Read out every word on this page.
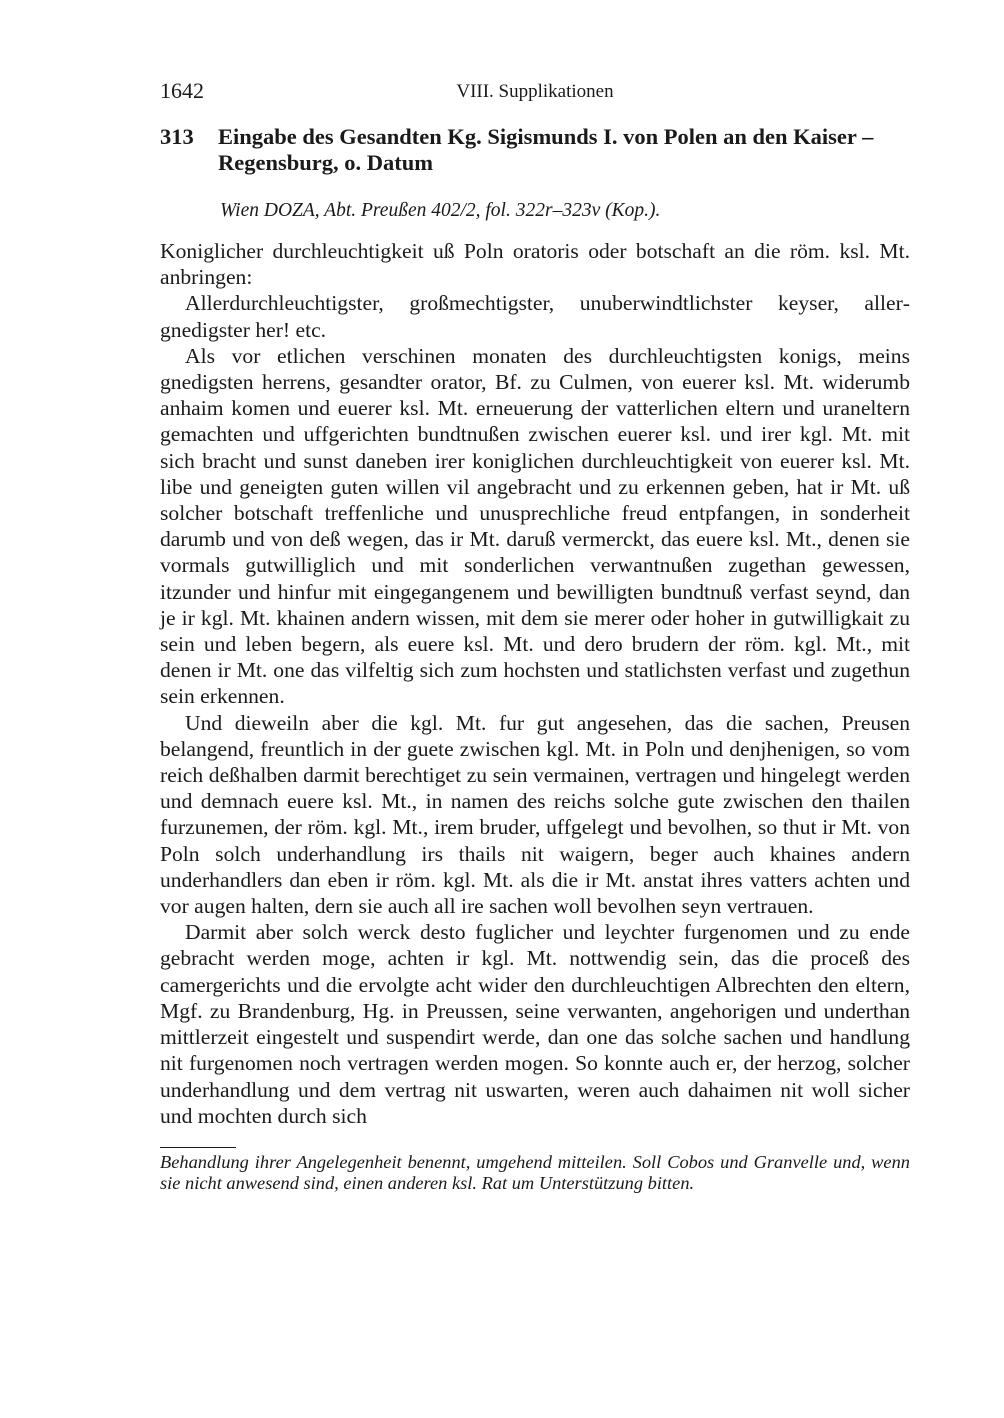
1642	VIII. Supplikationen
313	Eingabe des Gesandten Kg. Sigismunds I. von Polen an den Kaiser – Regensburg, o. Datum
Wien DOZA, Abt. Preußen 402/2, fol. 322r–323v (Kop.).

Koniglicher durchleuchtigkeit uß Poln oratoris oder botschaft an die röm. ksl. Mt. anbringen:

Allerdurchleuchtigster, großmechtigster, unuberwindtlichster keyser, allergnedigster her! etc.

Als vor etlichen verschinen monaten des durchleuchtigsten konigs, meins gnedigsten herrens, gesandter orator, Bf. zu Culmen, von euerer ksl. Mt. widerumb anhaim komen und euerer ksl. Mt. erneuerung der vatterlichen eltern und uraneltern gemachten und uffgerichten bundtnußen zwischen euerer ksl. und irer kgl. Mt. mit sich bracht und sunst daneben irer koniglichen durchleuchtigkeit von euerer ksl. Mt. libe und geneigten guten willen vil angebracht und zu erkennen geben, hat ir Mt. uß solcher botschaft treffenliche und unusprechliche freud entpfangen, in sonderheit darumb und von deß wegen, das ir Mt. daruß vermerckt, das euere ksl. Mt., denen sie vormals gutwilliglich und mit sonderlichen verwantnußen zugethan gewessen, itzunder und hinfur mit eingegangenem und bewilligten bundtnuß verfast seynd, dan je ir kgl. Mt. khainen andern wissen, mit dem sie merer oder hoher in gutwilligkait zu sein und leben begern, als euere ksl. Mt. und dero brudern der röm. kgl. Mt., mit denen ir Mt. one das vilfeltig sich zum hochsten und statlichsten verfast und zugethun sein erkennen.

Und dieweiln aber die kgl. Mt. fur gut angesehen, das die sachen, Preusen belangend, freuntlich in der guete zwischen kgl. Mt. in Poln und denjhenigen, so vom reich deßhalben darmit berechtiget zu sein vermainen, vertragen und hingelegt werden und demnach euere ksl. Mt., in namen des reichs solche gute zwischen den thailen furzunemen, der röm. kgl. Mt., irem bruder, uffgelegt und bevolhen, so thut ir Mt. von Poln solch underhandlung irs thails nit waigern, beger auch khaines andern underhandlers dan eben ir röm. kgl. Mt. als die ir Mt. anstat ihres vatters achten und vor augen halten, dern sie auch all ire sachen woll bevolhen seyn vertrauen.

Darmit aber solch werck desto fuglicher und leychter furgenomen und zu ende gebracht werden moge, achten ir kgl. Mt. nottwendig sein, das die proceß des camergerichts und die ervolgte acht wider den durchleuchtigen Albrechten den eltern, Mgf. zu Brandenburg, Hg. in Preussen, seine verwanten, angehorigen und underthan mittlerzeit eingestelt und suspendirt werde, dan one das solche sachen und handlung nit furgenomen noch vertragen werden mogen. So konnte auch er, der herzog, solcher underhandlung und dem vertrag nit uswarten, weren auch dahaimen nit woll sicher und mochten durch sich

Behandlung ihrer Angelegenheit benennt, umgehend mitteilen. Soll Cobos und Granvelle und, wenn sie nicht anwesend sind, einen anderen ksl. Rat um Unterstützung bitten.
